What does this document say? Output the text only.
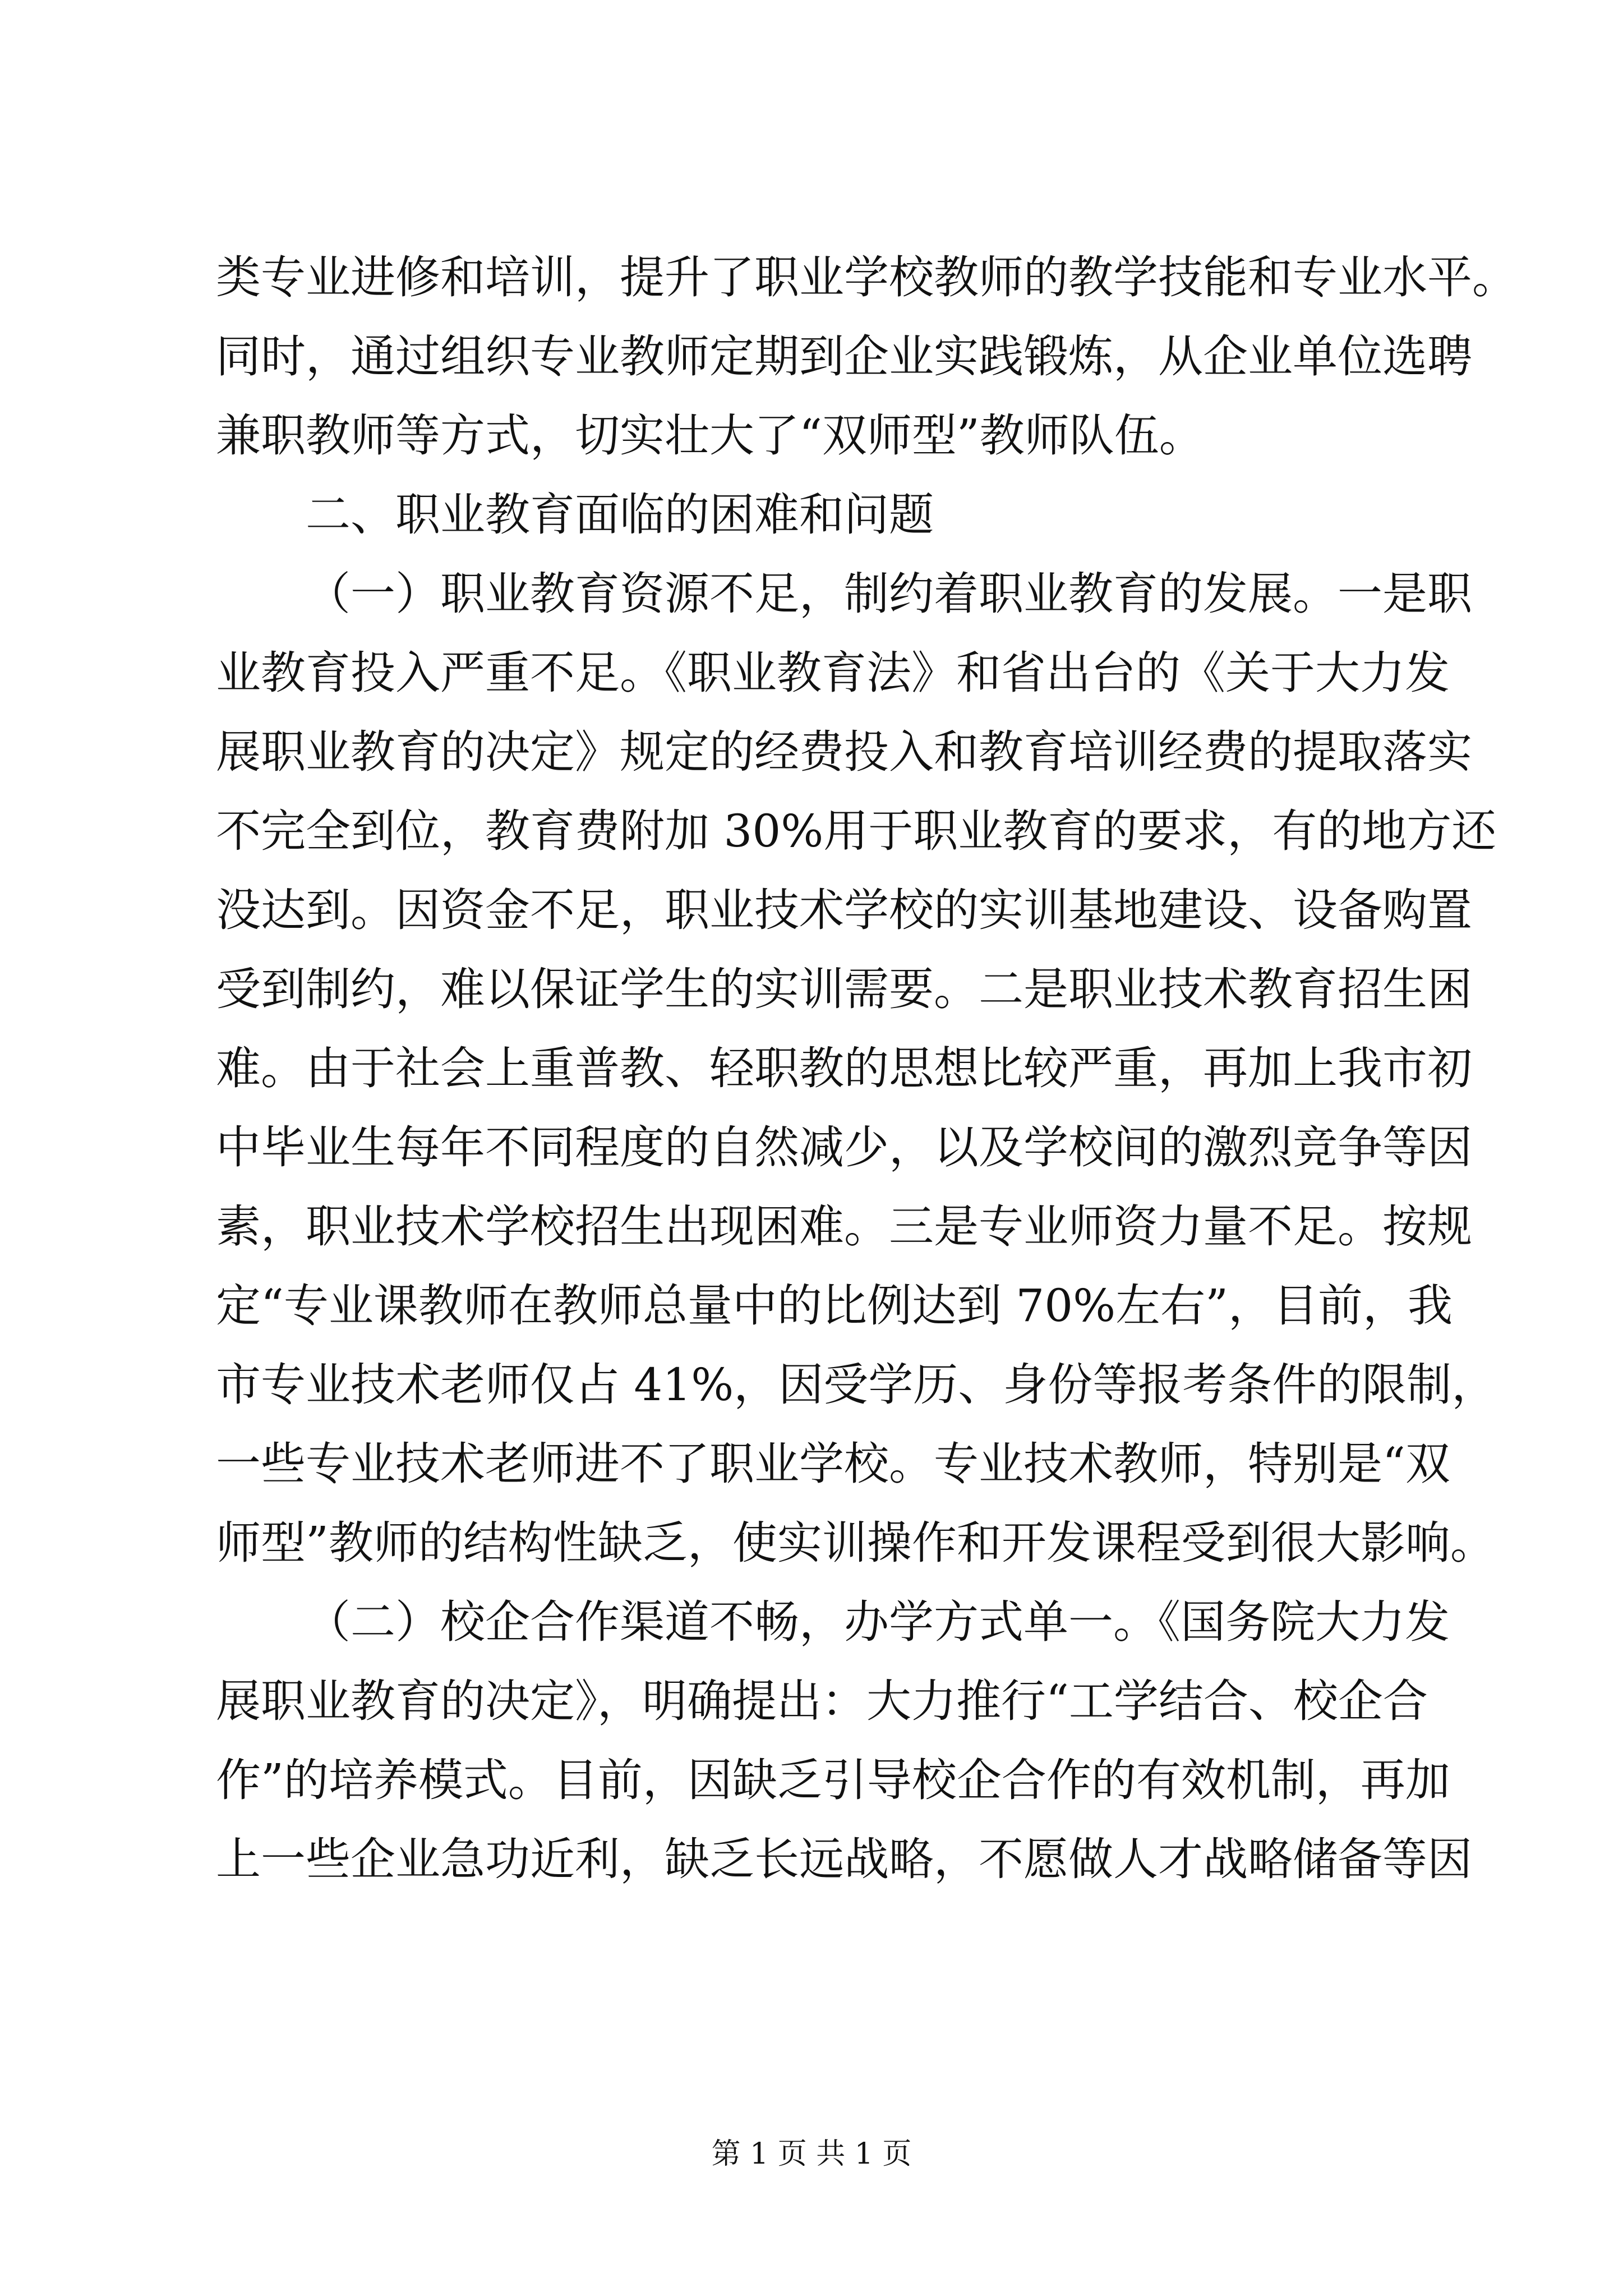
类专业进修和培训，提升了职业学校教师的教学技能和专业水平。
同时，通过组织专业教师定期到企业实践锻炼，从企业单位选聘
兼职教师等方式，切实壮大了“双师型”教师队伍。
二、职业教育面临的困难和问题
（一）职业教育资源不足，制约着职业教育的发展。一是职
业教育投入严重不足。《职业教育法》和省出台的《关于大力发
展职业教育的决定》规定的经费投入和教育培训经费的提取落实
不完全到位，教育费附加 30%用于职业教育的要求，有的地方还
没达到。因资金不足，职业技术学校的实训基地建设、设备购置
受到制约，难以保证学生的实训需要。二是职业技术教育招生困
难。由于社会上重普教、轻职教的思想比较严重，再加上我市初
中毕业生每年不同程度的自然减少，以及学校间的激烈竞争等因
素，职业技术学校招生出现困难。三是专业师资力量不足。按规
定“专业课教师在教师总量中的比例达到 70%左右”，目前，我
市专业技术老师仅占 41%，因受学历、身份等报考条件的限制，
一些专业技术老师进不了职业学校。专业技术教师，特别是“双
师型”教师的结构性缺乏，使实训操作和开发课程受到很大影响。
（二）校企合作渠道不畅，办学方式单一。《国务院大力发
展职业教育的决定》，明确提出：大力推行“工学结合、校企合
作”的培养模式。目前，因缺乏引导校企合作的有效机制，再加
上一些企业急功近利，缺乏长远战略，不愿做人才战略储备等因
第 1 页 共 1 页
